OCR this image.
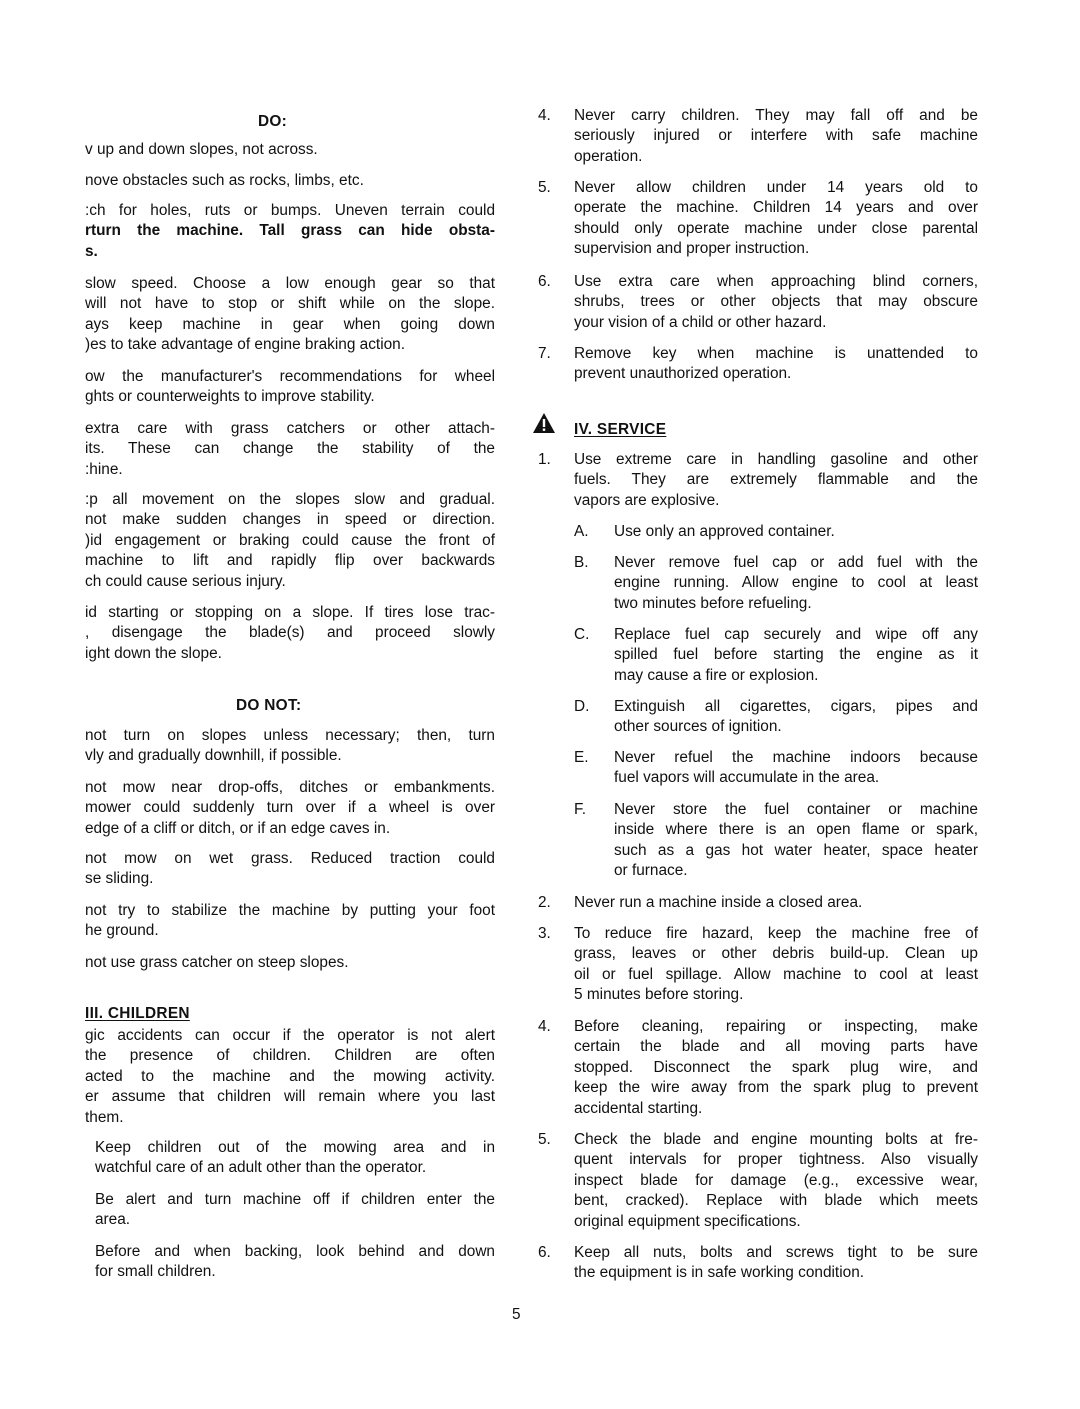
DO:
v up and down slopes, not across.
nove obstacles such as rocks, limbs, etc.
:ch for holes, ruts or bumps. Uneven terrain could
rturn the machine. Tall grass can hide obsta-
s.
slow speed. Choose a low enough gear so that
will not have to stop or shift while on the slope.
ays keep machine in gear when going down
)es to take advantage of engine braking action.
ow the manufacturer's recommendations for wheel
ghts or counterweights to improve stability.
extra care with grass catchers or other attach-
its. These can change the stability of the
:hine.
:p all movement on the slopes slow and gradual.
not make sudden changes in speed or direction.
)id engagement or braking could cause the front of
machine to lift and rapidly flip over backwards
ch could cause serious injury.
id starting or stopping on a slope. If tires lose trac-
, disengage the blade(s) and proceed slowly
ight down the slope.
DO NOT:
not turn on slopes unless necessary; then, turn
vly and gradually downhill, if possible.
not mow near drop-offs, ditches or embankments.
mower could suddenly turn over if a wheel is over
edge of a cliff or ditch, or if an edge caves in.
not mow on wet grass. Reduced traction could
se sliding.
not try to stabilize the machine by putting your foot
he ground.
not use grass catcher on steep slopes.
III. CHILDREN
gic accidents can occur if the operator is not alert
the presence of children. Children are often
acted to the machine and the mowing activity.
er assume that children will remain where you last
them.
Keep children out of the mowing area and in
watchful care of an adult other than the operator.
Be alert and turn machine off if children enter the
area.
Before and when backing, look behind and down
for small children.
4.	Never carry children. They may fall off and be
seriously injured or interfere with safe machine
operation.
5.	Never allow children under 14 years old to
operate the machine. Children 14 years and over
should only operate machine under close parental
supervision and proper instruction.
6.	Use extra care when approaching blind corners,
shrubs, trees or other objects that may obscure
your vision of a child or other hazard.
7.	Remove key when machine is unattended to
prevent unauthorized operation.
IV. SERVICE
1.	Use extreme care in handling gasoline and other
fuels. They are extremely flammable and the
vapors are explosive.
A.	Use only an approved container.
B.	Never remove fuel cap or add fuel with the
engine running. Allow engine to cool at least
two minutes before refueling.
C.	Replace fuel cap securely and wipe off any
spilled fuel before starting the engine as it
may cause a fire or explosion.
D.	Extinguish all cigarettes, cigars, pipes and
other sources of ignition.
E.	Never refuel the machine indoors because
fuel vapors will accumulate in the area.
F.	Never store the fuel container or machine
inside where there is an open flame or spark,
such as a gas hot water heater, space heater
or furnace.
2.	Never run a machine inside a closed area.
3.	To reduce fire hazard, keep the machine free of
grass, leaves or other debris build-up. Clean up
oil or fuel spillage. Allow machine to cool at least
5 minutes before storing.
4.	Before cleaning, repairing or inspecting, make
certain the blade and all moving parts have
stopped. Disconnect the spark plug wire, and
keep the wire away from the spark plug to prevent
accidental starting.
5.	Check the blade and engine mounting bolts at fre-
quent intervals for proper tightness. Also visually
inspect blade for damage (e.g., excessive wear,
bent, cracked). Replace with blade which meets
original equipment specifications.
6.	Keep all nuts, bolts and screws tight to be sure
the equipment is in safe working condition.
5
